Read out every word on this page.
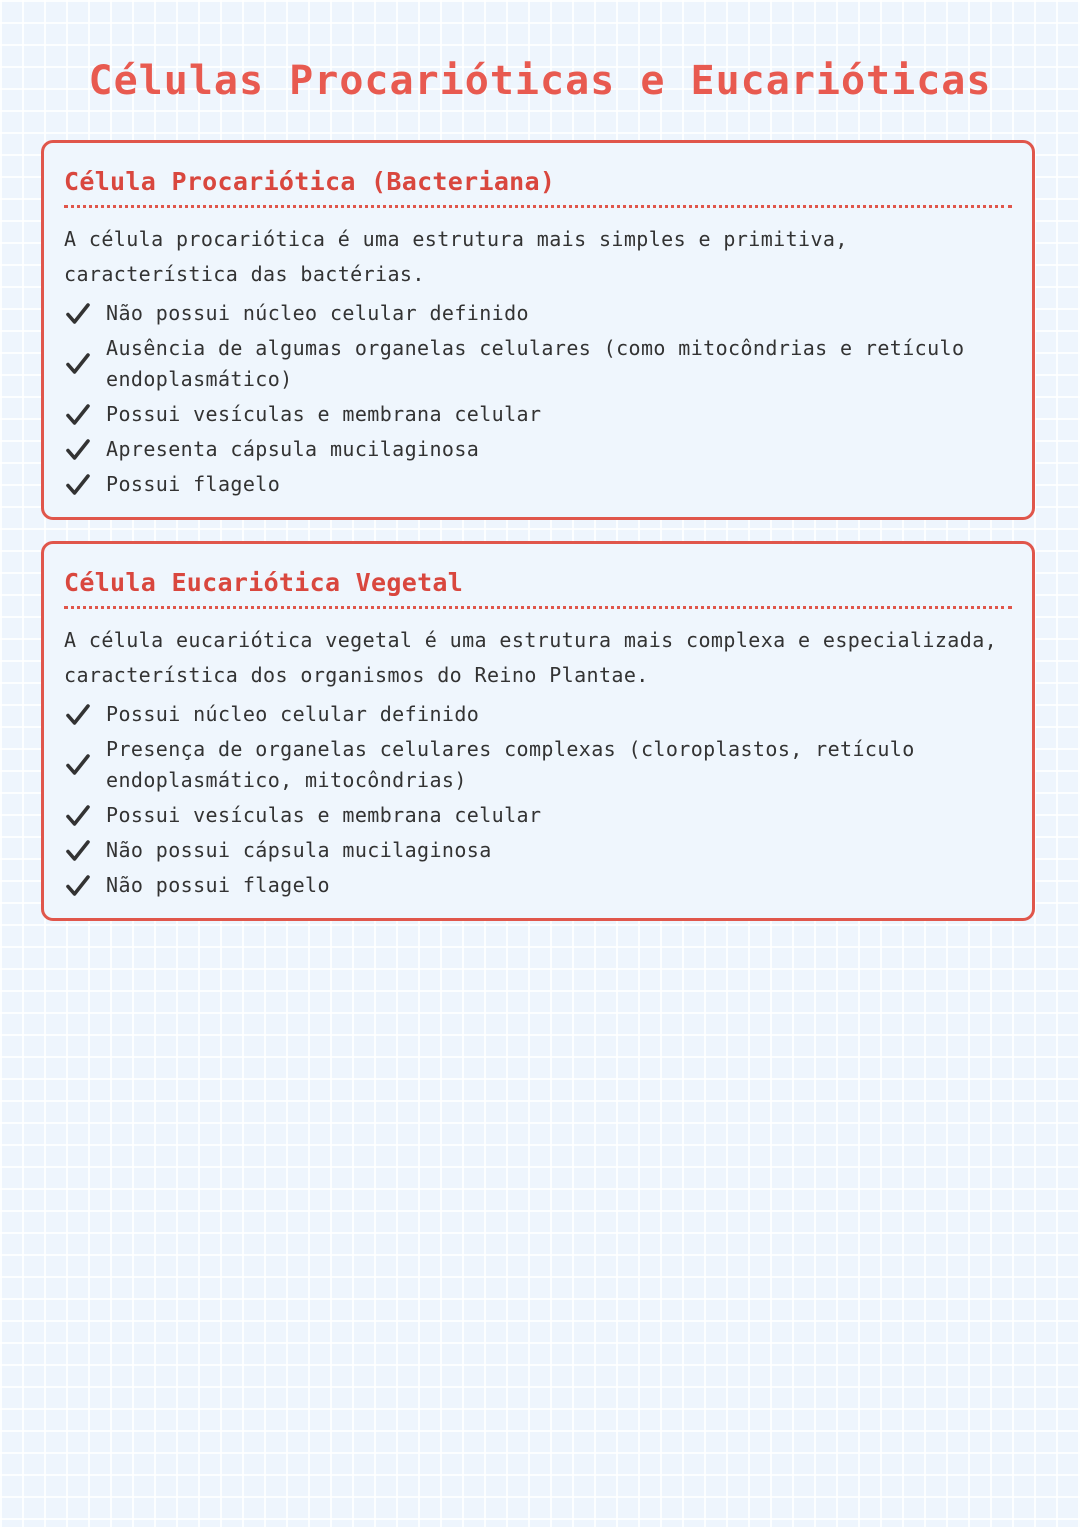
Células Procarióticas e Eucarióticas
Célula Procariótica (Bacteriana)

A célula procariótica é uma estrutura mais simples e primitiva, característica das bactérias.

Não possui núcleo celular definido
Ausência de algumas organelas celulares (como mitocôndrias e retículo endoplasmático)
Possui vesículas e membrana celular
Apresenta cápsula mucilaginosa
Possui flagelo
Célula Eucariótica Vegetal

A célula eucariótica vegetal é uma estrutura mais complexa e especializada, característica dos organismos do Reino Plantae.

Possui núcleo celular definido
Presença de organelas celulares complexas (cloroplastos, retículo endoplasmático, mitocôndrias)
Possui vesículas e membrana celular
Não possui cápsula mucilaginosa
Não possui flagelo
